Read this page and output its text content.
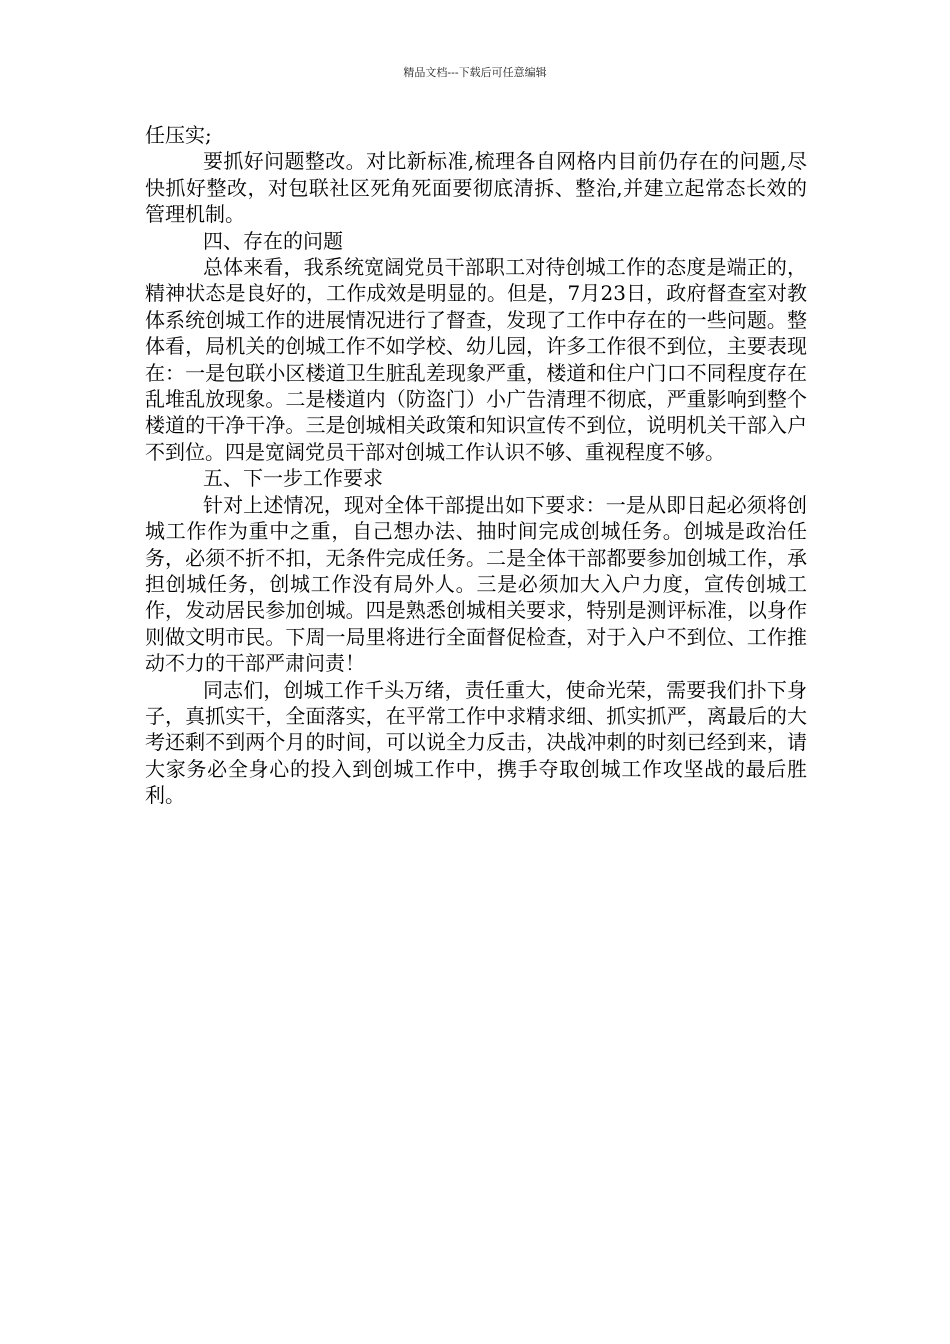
精品文档---下载后可任意编辑

任压实;

要抓好问题整改。对比新标准,梳理各自网格内目前仍存在的问题,尽快抓好整改，对包联社区死角死面要彻底清拆、整治,并建立起常态长效的管理机制。

四、存在的问题

总体来看，我系统宽阔党员干部职工对待创城工作的态度是端正的，精神状态是良好的，工作成效是明显的。但是，7月23日，政府督查室对教体系统创城工作的进展情况进行了督查，发现了工作中存在的一些问题。整体看，局机关的创城工作不如学校、幼儿园，许多工作很不到位，主要表现在：一是包联小区楼道卫生脏乱差现象严重，楼道和住户门口不同程度存在乱堆乱放现象。二是楼道内（防盗门）小广告清理不彻底，严重影响到整个楼道的干净干净。三是创城相关政策和知识宣传不到位，说明机关干部入户不到位。四是宽阔党员干部对创城工作认识不够、重视程度不够。

五、下一步工作要求

针对上述情况，现对全体干部提出如下要求：一是从即日起必须将创城工作作为重中之重，自己想办法、抽时间完成创城任务。创城是政治任务，必须不折不扣，无条件完成任务。二是全体干部都要参加创城工作，承担创城任务，创城工作没有局外人。三是必须加大入户力度，宣传创城工作，发动居民参加创城。四是熟悉创城相关要求，特别是测评标准，以身作则做文明市民。下周一局里将进行全面督促检查，对于入户不到位、工作推动不力的干部严肃问责！

同志们，创城工作千头万绪，责任重大，使命光荣，需要我们扑下身子，真抓实干，全面落实，在平常工作中求精求细、抓实抓严，离最后的大考还剩不到两个月的时间，可以说全力反击，决战冲刺的时刻已经到来，请大家务必全身心的投入到创城工作中，携手夺取创城工作攻坚战的最后胜利。
